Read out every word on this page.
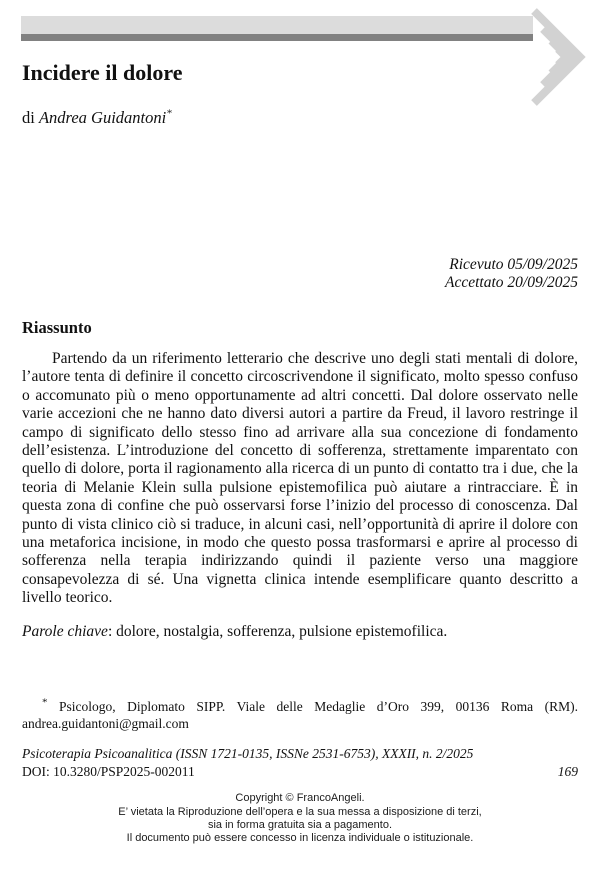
Incidere il dolore
di Andrea Guidantoni*
Ricevuto 05/09/2025
Accettato 20/09/2025
Riassunto

Partendo da un riferimento letterario che descrive uno degli stati mentali di dolore, l’autore tenta di definire il concetto circoscrivendone il significato, molto spesso confuso o accomunato più o meno opportunamente ad altri concetti. Dal dolore osservato nelle varie accezioni che ne hanno dato diversi autori a partire da Freud, il lavoro restringe il campo di significato dello stesso fino ad arrivare alla sua concezione di fondamento dell’esistenza. L’introduzione del concetto di sofferenza, strettamente imparentato con quello di dolore, porta il ragionamento alla ricerca di un punto di contatto tra i due, che la teoria di Melanie Klein sulla pulsione epistemofilica può aiutare a rintracciare. È in questa zona di confine che può osservarsi forse l’inizio del processo di conoscenza. Dal punto di vista clinico ciò si traduce, in alcuni casi, nell’opportunità di aprire il dolore con una metaforica incisione, in modo che questo possa trasformarsi e aprire al processo di sofferenza nella terapia indirizzando quindi il paziente verso una maggiore consapevolezza di sé. Una vignetta clinica intende esemplificare quanto descritto a livello teorico.

Parole chiave: dolore, nostalgia, sofferenza, pulsione epistemofilica.
* Psicologo, Diplomato SIPP. Viale delle Medaglie d’Oro 399, 00136 Roma (RM). andrea.guidantoni@gmail.com
Psicoterapia Psicoanalitica (ISSN 1721-0135, ISSNe 2531-6753), XXXII, n. 2/2025
DOI: 10.3280/PSP2025-002011	169
Copyright © FrancoAngeli.
E’ vietata la Riproduzione dell’opera e la sua messa a disposizione di terzi,
sia in forma gratuita sia a pagamento.
Il documento può essere concesso in licenza individuale o istituzionale.
